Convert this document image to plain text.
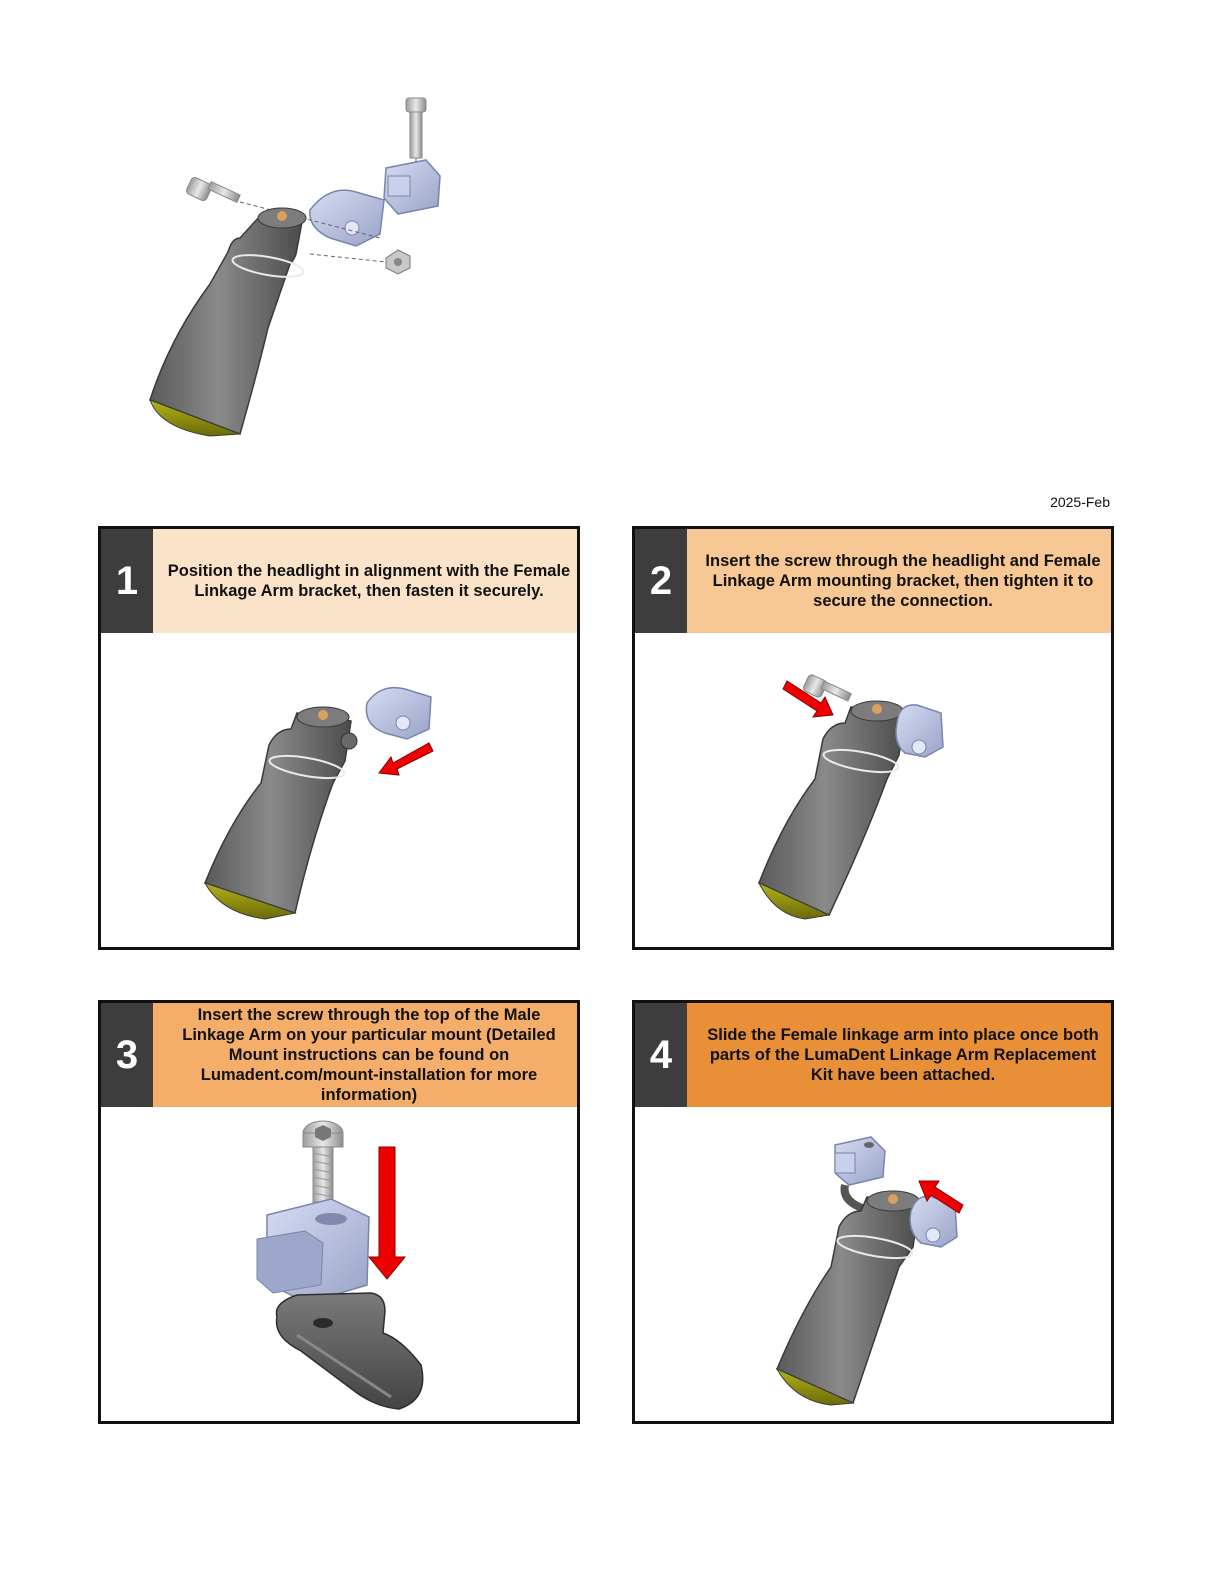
2025-Feb
1	Position the headlight in alignment with the Female Linkage Arm bracket, then fasten it securely.	2	Insert the screw through the headlight and Female Linkage Arm mounting bracket, then tighten it to secure the connection.
3
Insert the screw through the top of the Male Linkage Arm on your particular mount (Detailed Mount instructions can be found on Lumadent.com/mount-installation for more information)
4	Slide the Female linkage arm into place once both parts of the LumaDent Linkage Arm Replacement Kit have been attached.
